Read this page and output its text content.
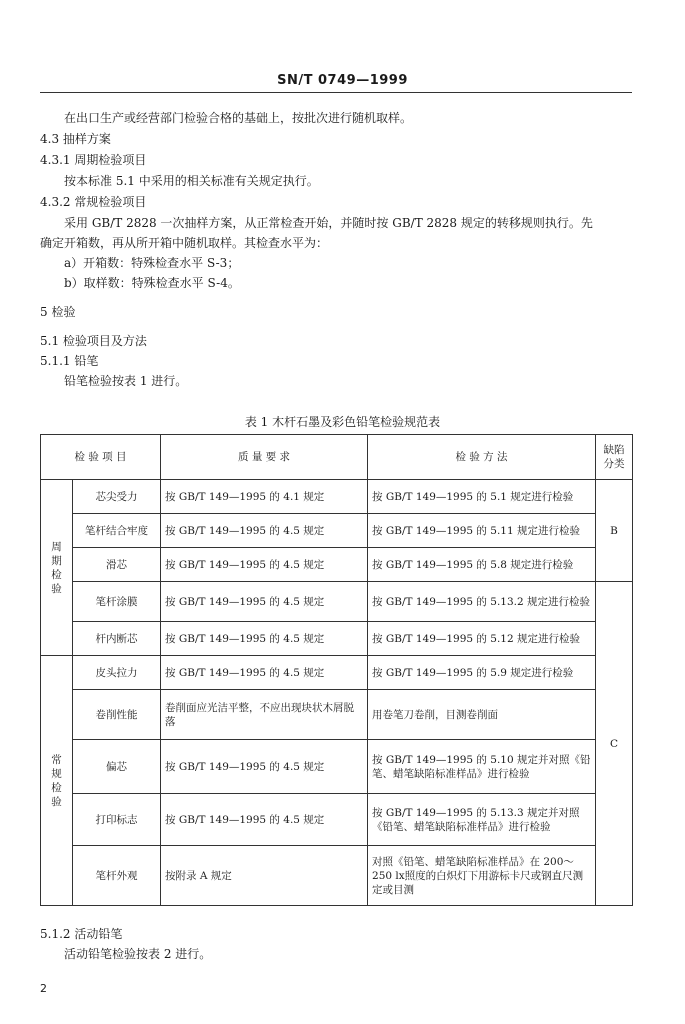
SN/T 0749—1999
在出口生产或经营部门检验合格的基础上，按批次进行随机取样。
4.3 抽样方案
4.3.1 周期检验项目
按本标准 5.1 中采用的相关标准有关规定执行。
4.3.2 常规检验项目
采用 GB/T 2828 一次抽样方案，从正常检查开始，并随时按 GB/T 2828 规定的转移规则执行。先
确定开箱数，再从所开箱中随机取样。其检查水平为：
a）开箱数：特殊检查水平 S-3；
b）取样数：特殊检查水平 S-4。
5 检验
5.1 检验项目及方法
5.1.1 铅笔
铅笔检验按表 1 进行。
表 1 木杆石墨及彩色铅笔检验规范表
检 验 项 目		质 量 要 求	检 验 方 法	缺陷分类

周
期
检
验	芯尖受力	按 GB/T 149—1995 的 4.1 规定	按 GB/T 149—1995 的 5.1 规定进行检验	B
	笔杆结合牢度	按 GB/T 149—1995 的 4.5 规定	按 GB/T 149—1995 的 5.11 规定进行检验	
	滑芯	按 GB/T 149—1995 的 4.5 规定	按 GB/T 149—1995 的 5.8 规定进行检验	
	笔杆涂膜	按 GB/T 149—1995 的 4.5 规定	按 GB/T 149—1995 的 5.13.2 规定进行检验	C
	杆内断芯	按 GB/T 149—1995 的 4.5 规定	按 GB/T 149—1995 的 5.12 规定进行检验	

常
规
检
验	皮头拉力	按 GB/T 149—1995 的 4.5 规定	按 GB/T 149—1995 的 5.9 规定进行检验	
	卷削性能	卷削面应光洁平整，不应出现块状木屑脱落	用卷笔刀卷削，目测卷削面	
	偏芯	按 GB/T 149—1995 的 4.5 规定	按 GB/T 149—1995 的 5.10 规定并对照《铅笔、蜡笔缺陷标准样品》进行检验	
	打印标志	按 GB/T 149—1995 的 4.5 规定	按 GB/T 149—1995 的 5.13.3 规定并对照《铅笔、蜡笔缺陷标准样品》进行检验	
	笔杆外观	按附录 A 规定	对照《铅笔、蜡笔缺陷标准样品》在 200～250 lx照度的白炽灯下用游标卡尺或钢直尺测定或目测	
5.1.2 活动铅笔
活动铅笔检验按表 2 进行。
2
